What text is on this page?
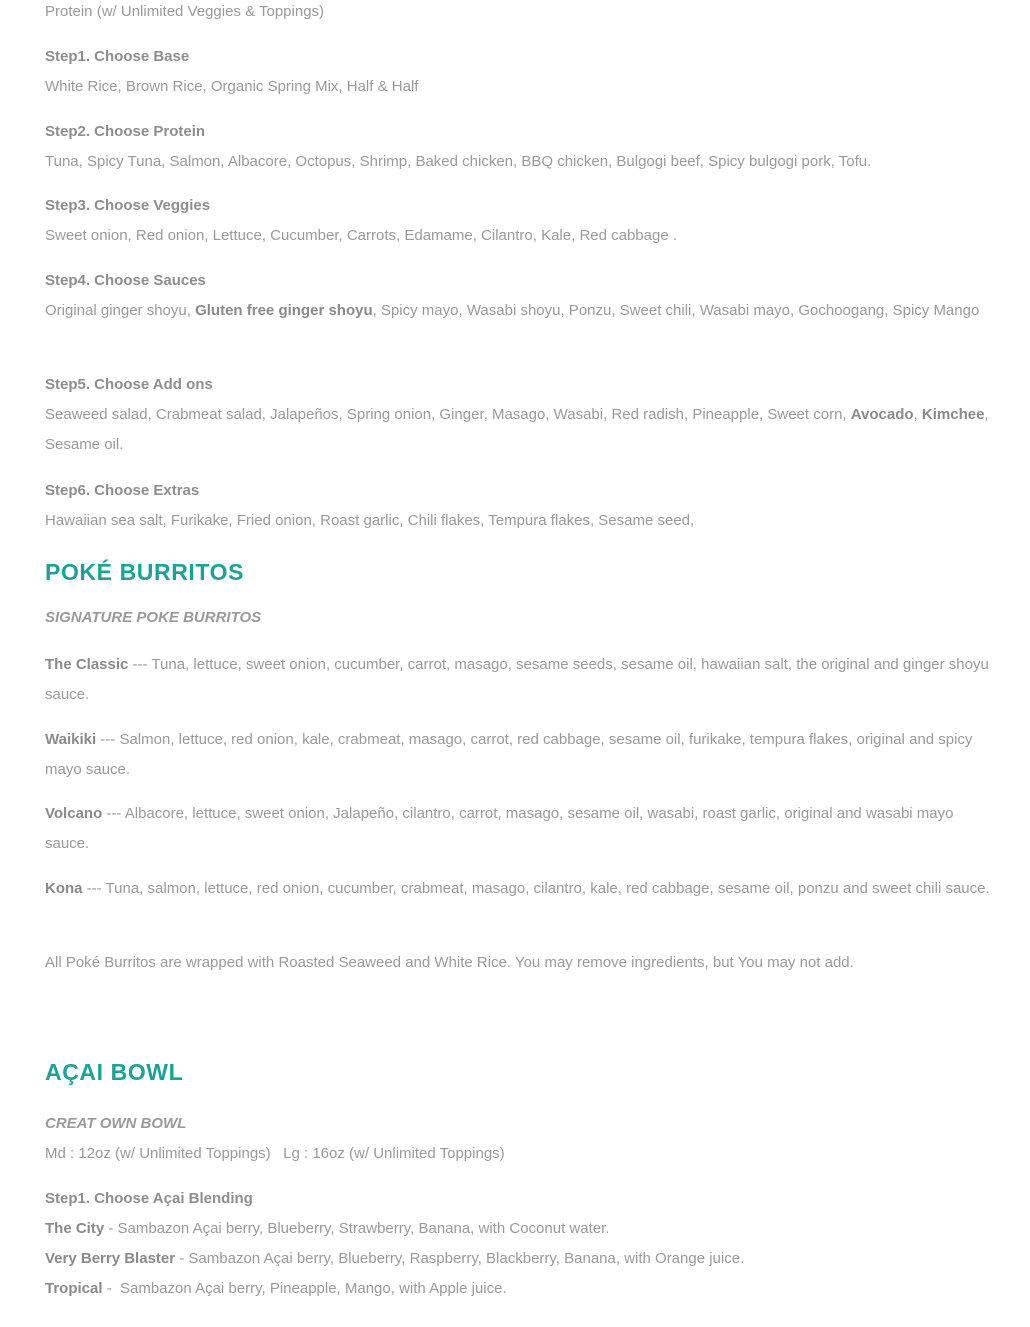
Protein (w/ Unlimited Veggies & Toppings)

Step1. Choose Base

White Rice, Brown Rice, Organic Spring Mix, Half & Half

Step2. Choose Protein

Tuna, Spicy Tuna, Salmon, Albacore, Octopus, Shrimp, Baked chicken, BBQ chicken, Bulgogi beef, Spicy bulgogi pork, Tofu.

Step3. Choose Veggies

Sweet onion, Red onion, Lettuce, Cucumber, Carrots, Edamame, Cilantro, Kale, Red cabbage .

Step4. Choose Sauces

Original ginger shoyu, Gluten free ginger shoyu, Spicy mayo, Wasabi shoyu, Ponzu, Sweet chili, Wasabi mayo, Gochoogang, Spicy Mango

Step5. Choose Add ons

Seaweed salad, Crabmeat salad, Jalapeños, Spring onion, Ginger, Masago, Wasabi, Red radish, Pineapple, Sweet corn, Avocado, Kimchee, Sesame oil.

Step6. Choose Extras

Hawaiian sea salt, Furikake, Fried onion, Roast garlic, Chili flakes, Tempura flakes, Sesame seed,

POKÉ BURRITOS

SIGNATURE POKE BURRITOS

The Classic --- Tuna, lettuce, sweet onion, cucumber, carrot, masago, sesame seeds, sesame oil, hawaiian salt, the original and ginger shoyu sauce.

Waikiki --- Salmon, lettuce, red onion, kale, crabmeat, masago, carrot, red cabbage, sesame oil, furikake, tempura flakes, original and spicy mayo sauce.

Volcano --- Albacore, lettuce, sweet onion, Jalapeño, cilantro, carrot, masago, sesame oil, wasabi, roast garlic, original and wasabi mayo sauce.

Kona --- Tuna, salmon, lettuce, red onion, cucumber, crabmeat, masago, cilantro, kale, red cabbage, sesame oil, ponzu and sweet chili sauce.

All Poké Burritos are wrapped with Roasted Seaweed and White Rice. You may remove ingredients, but You may not add.

AÇAI BOWL

CREAT OWN BOWL

Md : 12oz (w/ Unlimited Toppings)   Lg : 16oz (w/ Unlimited Toppings)

Step1. Choose Açai Blending

The City - Sambazon Açai berry, Blueberry, Strawberry, Banana, with Coconut water.

Very Berry Blaster - Sambazon Açai berry, Blueberry, Raspberry, Blackberry, Banana, with Orange juice.

Tropical -  Sambazon Açai berry, Pineapple, Mango, with Apple juice.
